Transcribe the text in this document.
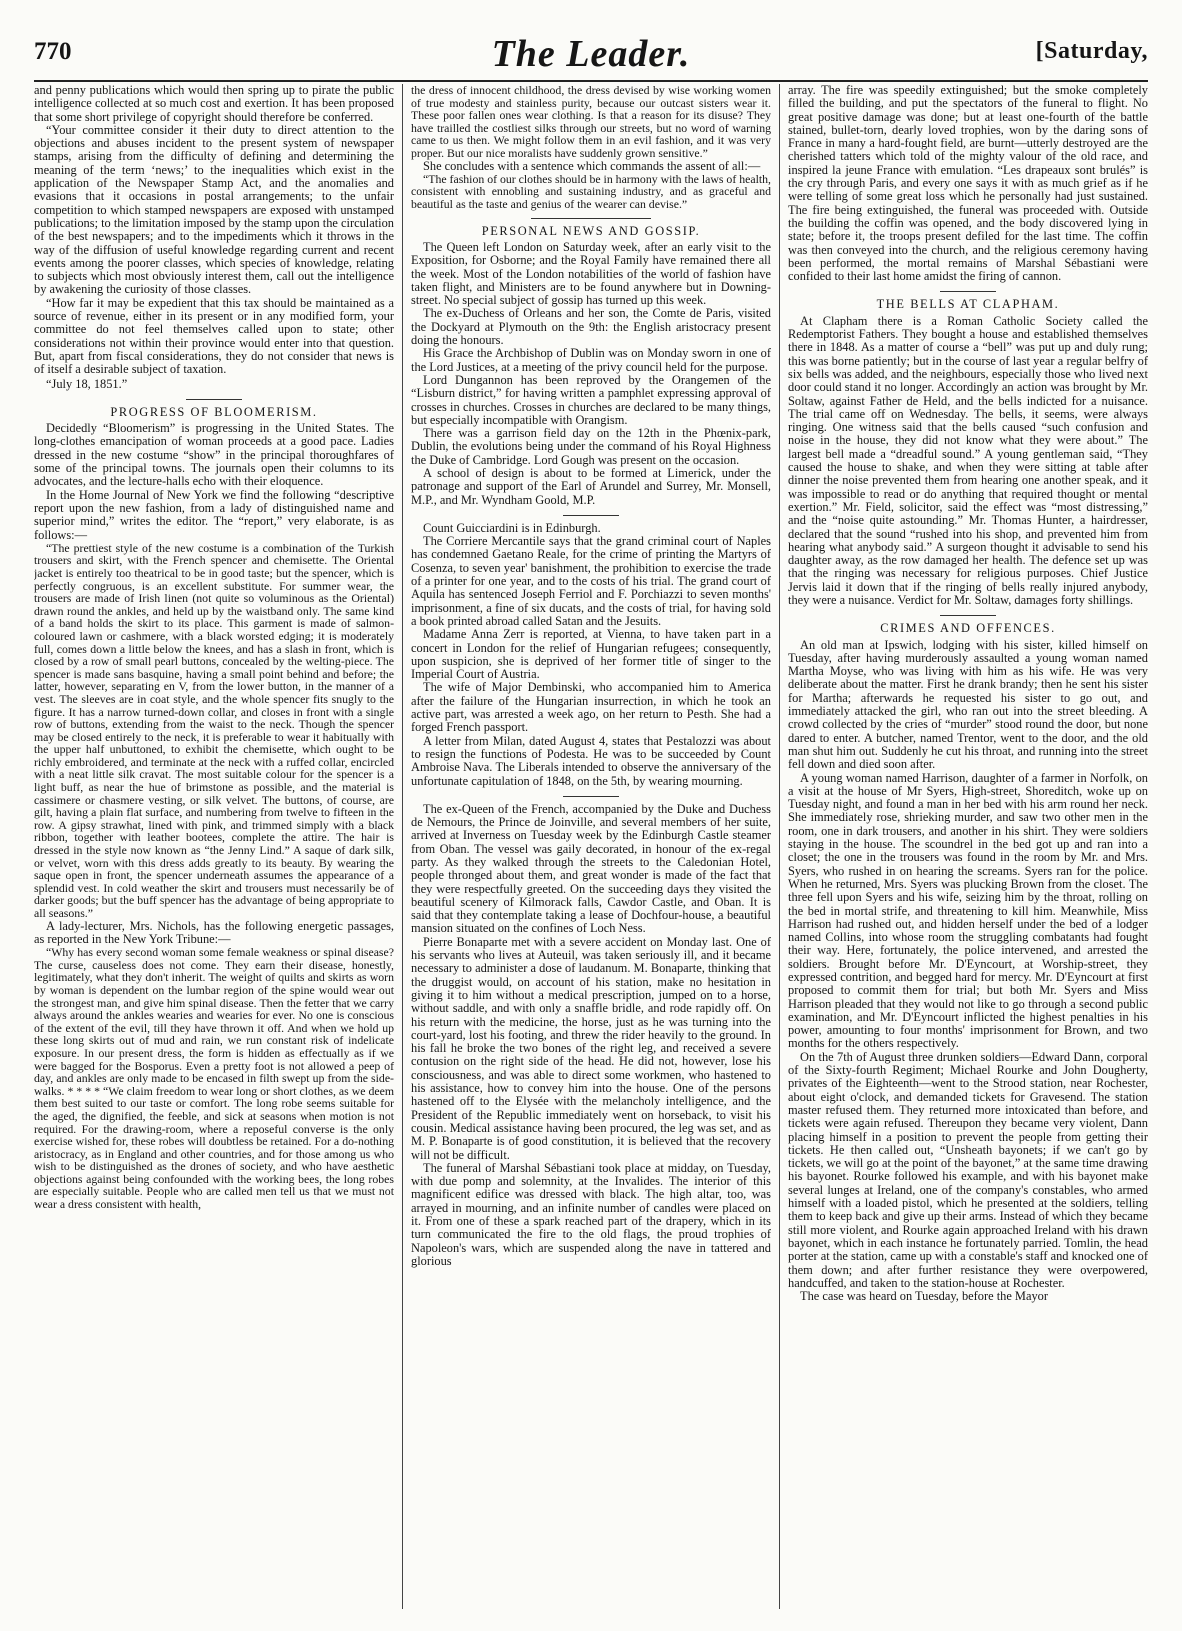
770	The Leader.	[Saturday,

and penny publications which would then spring up to pirate the public intelligence collected at so much cost and exertion. It has been proposed that some short privilege of copyright should therefore be conferred.

“Your committee consider it their duty to direct attention to the objections and abuses incident to the present system of newspaper stamps, arising from the difficulty of defining and determining the meaning of the term ‘news;’ to the inequalities which exist in the application of the Newspaper Stamp Act, and the anomalies and evasions that it occasions in postal arrangements; to the unfair competition to which stamped newspapers are exposed with unstamped publications; to the limitation imposed by the stamp upon the circulation of the best newspapers; and to the impediments which it throws in the way of the diffusion of useful knowledge regarding current and recent events among the poorer classes, which species of knowledge, relating to subjects which most obviously interest them, call out the intelligence by awakening the curiosity of those classes.

“How far it may be expedient that this tax should be maintained as a source of revenue, either in its present or in any modified form, your committee do not feel themselves called upon to state; other considerations not within their province would enter into that question. But, apart from fiscal considerations, they do not consider that news is of itself a desirable subject of taxation.

“July 18, 1851.”

PROGRESS OF BLOOMERISM.

Decidedly “Bloomerism” is progressing in the United States. The long-clothes emancipation of woman proceeds at a good pace. Ladies dressed in the new costume “show” in the principal thoroughfares of some of the principal towns. The journals open their columns to its advocates, and the lecture-halls echo with their eloquence.

In the Home Journal of New York we find the following “descriptive report upon the new fashion, from a lady of distinguished name and superior mind,” writes the editor. The “report,” very elaborate, is as follows:—

“The prettiest style of the new costume is a combination of the Turkish trousers and skirt, with the French spencer and chemisette. The Oriental jacket is entirely too theatrical to be in good taste; but the spencer, which is perfectly congruous, is an excellent substitute. For summer wear, the trousers are made of Irish linen (not quite so voluminous as the Oriental) drawn round the ankles, and held up by the waistband only. The same kind of a band holds the skirt to its place. This garment is made of salmon-coloured lawn or cashmere, with a black worsted edging; it is moderately full, comes down a little below the knees, and has a slash in front, which is closed by a row of small pearl buttons, concealed by the welting-piece. The spencer is made sans basquine, having a small point behind and before; the latter, however, separating en V, from the lower button, in the manner of a vest. The sleeves are in coat style, and the whole spencer fits snugly to the figure. It has a narrow turned-down collar, and closes in front with a single row of buttons, extending from the waist to the neck. Though the spencer may be closed entirely to the neck, it is preferable to wear it habitually with the upper half unbuttoned, to exhibit the chemisette, which ought to be richly embroidered, and terminate at the neck with a ruffed collar, encircled with a neat little silk cravat. The most suitable colour for the spencer is a light buff, as near the hue of brimstone as possible, and the material is cassimere or chasmere vesting, or silk velvet. The buttons, of course, are gilt, having a plain flat surface, and numbering from twelve to fifteen in the row. A gipsy strawhat, lined with pink, and trimmed simply with a black ribbon, together with leather bootees, complete the attire. The hair is dressed in the style now known as “the Jenny Lind.” A saque of dark silk, or velvet, worn with this dress adds greatly to its beauty. By wearing the saque open in front, the spencer underneath assumes the appearance of a splendid vest. In cold weather the skirt and trousers must necessarily be of darker goods; but the buff spencer has the advantage of being appropriate to all seasons.”

A lady-lecturer, Mrs. Nichols, has the following energetic passages, as reported in the New York Tribune:—

“Why has every second woman some female weakness or spinal disease? The curse, causeless does not come. They earn their disease, honestly, legitimately, what they don't inherit. The weight of quilts and skirts as worn by woman is dependent on the lumbar region of the spine would wear out the strongest man, and give him spinal disease. Then the fetter that we carry always around the ankles wearies and wearies for ever. No one is conscious of the extent of the evil, till they have thrown it off. And when we hold up these long skirts out of mud and rain, we run constant risk of indelicate exposure. In our present dress, the form is hidden as effectually as if we were bagged for the Bosporus. Even a pretty foot is not allowed a peep of day, and ankles are only made to be encased in filth swept up from the side-walks. * * * * “We claim freedom to wear long or short clothes, as we deem them best suited to our taste or comfort. The long robe seems suitable for the aged, the dignified, the feeble, and sick at seasons when motion is not required. For the drawing-room, where a reposeful converse is the only exercise wished for, these robes will doubtless be retained. For a do-nothing aristocracy, as in England and other countries, and for those among us who wish to be distinguished as the drones of society, and who have aesthetic objections against being confounded with the working bees, the long robes are especially suitable. People who are called men tell us that we must not wear a dress consistent with health,

the dress of innocent childhood, the dress devised by wise working women of true modesty and stainless purity, because our outcast sisters wear it. These poor fallen ones wear clothing. Is that a reason for its disuse? They have trailled the costliest silks through our streets, but no word of warning came to us then. We might follow them in an evil fashion, and it was very proper. But our nice moralists have suddenly grown sensitive.”

She concludes with a sentence which commands the assent of all:—

“The fashion of our clothes should be in harmony with the laws of health, consistent with ennobling and sustaining industry, and as graceful and beautiful as the taste and genius of the wearer can devise.”

PERSONAL NEWS AND GOSSIP.

The Queen left London on Saturday week, after an early visit to the Exposition, for Osborne; and the Royal Family have remained there all the week. Most of the London notabilities of the world of fashion have taken flight, and Ministers are to be found anywhere but in Downing-street. No special subject of gossip has turned up this week.

The ex-Duchess of Orleans and her son, the Comte de Paris, visited the Dockyard at Plymouth on the 9th: the English aristocracy present doing the honours.

His Grace the Archbishop of Dublin was on Monday sworn in one of the Lord Justices, at a meeting of the privy council held for the purpose.

Lord Dungannon has been reproved by the Orangemen of the “Lisburn district,” for having written a pamphlet expressing approval of crosses in churches. Crosses in churches are declared to be many things, but especially incompatible with Orangism.

There was a garrison field day on the 12th in the Phœnix-park, Dublin, the evolutions being under the command of his Royal Highness the Duke of Cambridge. Lord Gough was present on the occasion.

A school of design is about to be formed at Limerick, under the patronage and support of the Earl of Arundel and Surrey, Mr. Monsell, M.P., and Mr. Wyndham Goold, M.P.

Count Guicciardini is in Edinburgh.

The Corriere Mercantile says that the grand criminal court of Naples has condemned Gaetano Reale, for the crime of printing the Martyrs of Cosenza, to seven year' banishment, the prohibition to exercise the trade of a printer for one year, and to the costs of his trial. The grand court of Aquila has sentenced Joseph Ferriol and F. Porchiazzi to seven months' imprisonment, a fine of six ducats, and the costs of trial, for having sold a book printed abroad called Satan and the Jesuits.

Madame Anna Zerr is reported, at Vienna, to have taken part in a concert in London for the relief of Hungarian refugees; consequently, upon suspicion, she is deprived of her former title of singer to the Imperial Court of Austria.

The wife of Major Dembinski, who accompanied him to America after the failure of the Hungarian insurrection, in which he took an active part, was arrested a week ago, on her return to Pesth. She had a forged French passport.

A letter from Milan, dated August 4, states that Pestalozzi was about to resign the functions of Podesta. He was to be succeeded by Count Ambroise Nava. The Liberals intended to observe the anniversary of the unfortunate capitulation of 1848, on the 5th, by wearing mourning.

The ex-Queen of the French, accompanied by the Duke and Duchess de Nemours, the Prince de Joinville, and several members of her suite, arrived at Inverness on Tuesday week by the Edinburgh Castle steamer from Oban. The vessel was gaily decorated, in honour of the ex-regal party. As they walked through the streets to the Caledonian Hotel, people thronged about them, and great wonder is made of the fact that they were respectfully greeted. On the succeeding days they visited the beautiful scenery of Kilmorack falls, Cawdor Castle, and Oban. It is said that they contemplate taking a lease of Dochfour-house, a beautiful mansion situated on the confines of Loch Ness.

Pierre Bonaparte met with a severe accident on Monday last. One of his servants who lives at Auteuil, was taken seriously ill, and it became necessary to administer a dose of laudanum. M. Bonaparte, thinking that the druggist would, on account of his station, make no hesitation in giving it to him without a medical prescription, jumped on to a horse, without saddle, and with only a snaffle bridle, and rode rapidly off. On his return with the medicine, the horse, just as he was turning into the court-yard, lost his footing, and threw the rider heavily to the ground. In his fall he broke the two bones of the right leg, and received a severe contusion on the right side of the head. He did not, however, lose his consciousness, and was able to direct some workmen, who hastened to his assistance, how to convey him into the house. One of the persons hastened off to the Elysée with the melancholy intelligence, and the President of the Republic immediately went on horseback, to visit his cousin. Medical assistance having been procured, the leg was set, and as M. P. Bonaparte is of good constitution, it is believed that the recovery will not be difficult.

The funeral of Marshal Sébastiani took place at midday, on Tuesday, with due pomp and solemnity, at the Invalides. The interior of this magnificent edifice was dressed with black. The high altar, too, was arrayed in mourning, and an infinite number of candles were placed on it. From one of these a spark reached part of the drapery, which in its turn communicated the fire to the old flags, the proud trophies of Napoleon's wars, which are suspended along the nave in tattered and glorious

array. The fire was speedily extinguished; but the smoke completely filled the building, and put the spectators of the funeral to flight. No great positive damage was done; but at least one-fourth of the battle stained, bullet-torn, dearly loved trophies, won by the daring sons of France in many a hard-fought field, are burnt—utterly destroyed are the cherished tatters which told of the mighty valour of the old race, and inspired la jeune France with emulation. “Les drapeaux sont brulés” is the cry through Paris, and every one says it with as much grief as if he were telling of some great loss which he personally had just sustained. The fire being extinguished, the funeral was proceeded with. Outside the building the coffin was opened, and the body discovered lying in state; before it, the troops present defiled for the last time. The coffin was then conveyed into the church, and the religious ceremony having been performed, the mortal remains of Marshal Sébastiani were confided to their last home amidst the firing of cannon.

THE BELLS AT CLAPHAM.

At Clapham there is a Roman Catholic Society called the Redemptorist Fathers. They bought a house and established themselves there in 1848. As a matter of course a “bell” was put up and duly rung; this was borne patiently; but in the course of last year a regular belfry of six bells was added, and the neighbours, especially those who lived next door could stand it no longer. Accordingly an action was brought by Mr. Soltaw, against Father de Held, and the bells indicted for a nuisance. The trial came off on Wednesday. The bells, it seems, were always ringing. One witness said that the bells caused “such confusion and noise in the house, they did not know what they were about.” The largest bell made a “dreadful sound.” A young gentleman said, “They caused the house to shake, and when they were sitting at table after dinner the noise prevented them from hearing one another speak, and it was impossible to read or do anything that required thought or mental exertion.” Mr. Field, solicitor, said the effect was “most distressing,” and the “noise quite astounding.” Mr. Thomas Hunter, a hairdresser, declared that the sound “rushed into his shop, and prevented him from hearing what anybody said.” A surgeon thought it advisable to send his daughter away, as the row damaged her health. The defence set up was that the ringing was necessary for religious purposes. Chief Justice Jervis laid it down that if the ringing of bells really injured anybody, they were a nuisance. Verdict for Mr. Soltaw, damages forty shillings.

CRIMES AND OFFENCES.

An old man at Ipswich, lodging with his sister, killed himself on Tuesday, after having murderously assaulted a young woman named Martha Moyse, who was living with him as his wife. He was very deliberate about the matter. First he drank brandy; then he sent his sister for Martha; afterwards he requested his sister to go out, and immediately attacked the girl, who ran out into the street bleeding. A crowd collected by the cries of “murder” stood round the door, but none dared to enter. A butcher, named Trentor, went to the door, and the old man shut him out. Suddenly he cut his throat, and running into the street fell down and died soon after.

A young woman named Harrison, daughter of a farmer in Norfolk, on a visit at the house of Mr Syers, High-street, Shoreditch, woke up on Tuesday night, and found a man in her bed with his arm round her neck. She immediately rose, shrieking murder, and saw two other men in the room, one in dark trousers, and another in his shirt. They were soldiers staying in the house. The scoundrel in the bed got up and ran into a closet; the one in the trousers was found in the room by Mr. and Mrs. Syers, who rushed in on hearing the screams. Syers ran for the police. When he returned, Mrs. Syers was plucking Brown from the closet. The three fell upon Syers and his wife, seizing him by the throat, rolling on the bed in mortal strife, and threatening to kill him. Meanwhile, Miss Harrison had rushed out, and hidden herself under the bed of a lodger named Collins, into whose room the struggling combatants had fought their way. Here, fortunately, the police intervened, and arrested the soldiers. Brought before Mr. D'Eyncourt, at Worship-street, they expressed contrition, and begged hard for mercy. Mr. D'Eyncourt at first proposed to commit them for trial; but both Mr. Syers and Miss Harrison pleaded that they would not like to go through a second public examination, and Mr. D'Eyncourt inflicted the highest penalties in his power, amounting to four months' imprisonment for Brown, and two months for the others respectively.

On the 7th of August three drunken soldiers—Edward Dann, corporal of the Sixty-fourth Regiment; Michael Rourke and John Dougherty, privates of the Eighteenth—went to the Strood station, near Rochester, about eight o'clock, and demanded tickets for Gravesend. The station master refused them. They returned more intoxicated than before, and tickets were again refused. Thereupon they became very violent, Dann placing himself in a position to prevent the people from getting their tickets. He then called out, “Unsheath bayonets; if we can't go by tickets, we will go at the point of the bayonet,” at the same time drawing his bayonet. Rourke followed his example, and with his bayonet make several lunges at Ireland, one of the company's constables, who armed himself with a loaded pistol, which he presented at the soldiers, telling them to keep back and give up their arms. Instead of which they became still more violent, and Rourke again approached Ireland with his drawn bayonet, which in each instance he fortunately parried. Tomlin, the head porter at the station, came up with a constable's staff and knocked one of them down; and after further resistance they were overpowered, handcuffed, and taken to the station-house at Rochester.

The case was heard on Tuesday, before the Mayor
